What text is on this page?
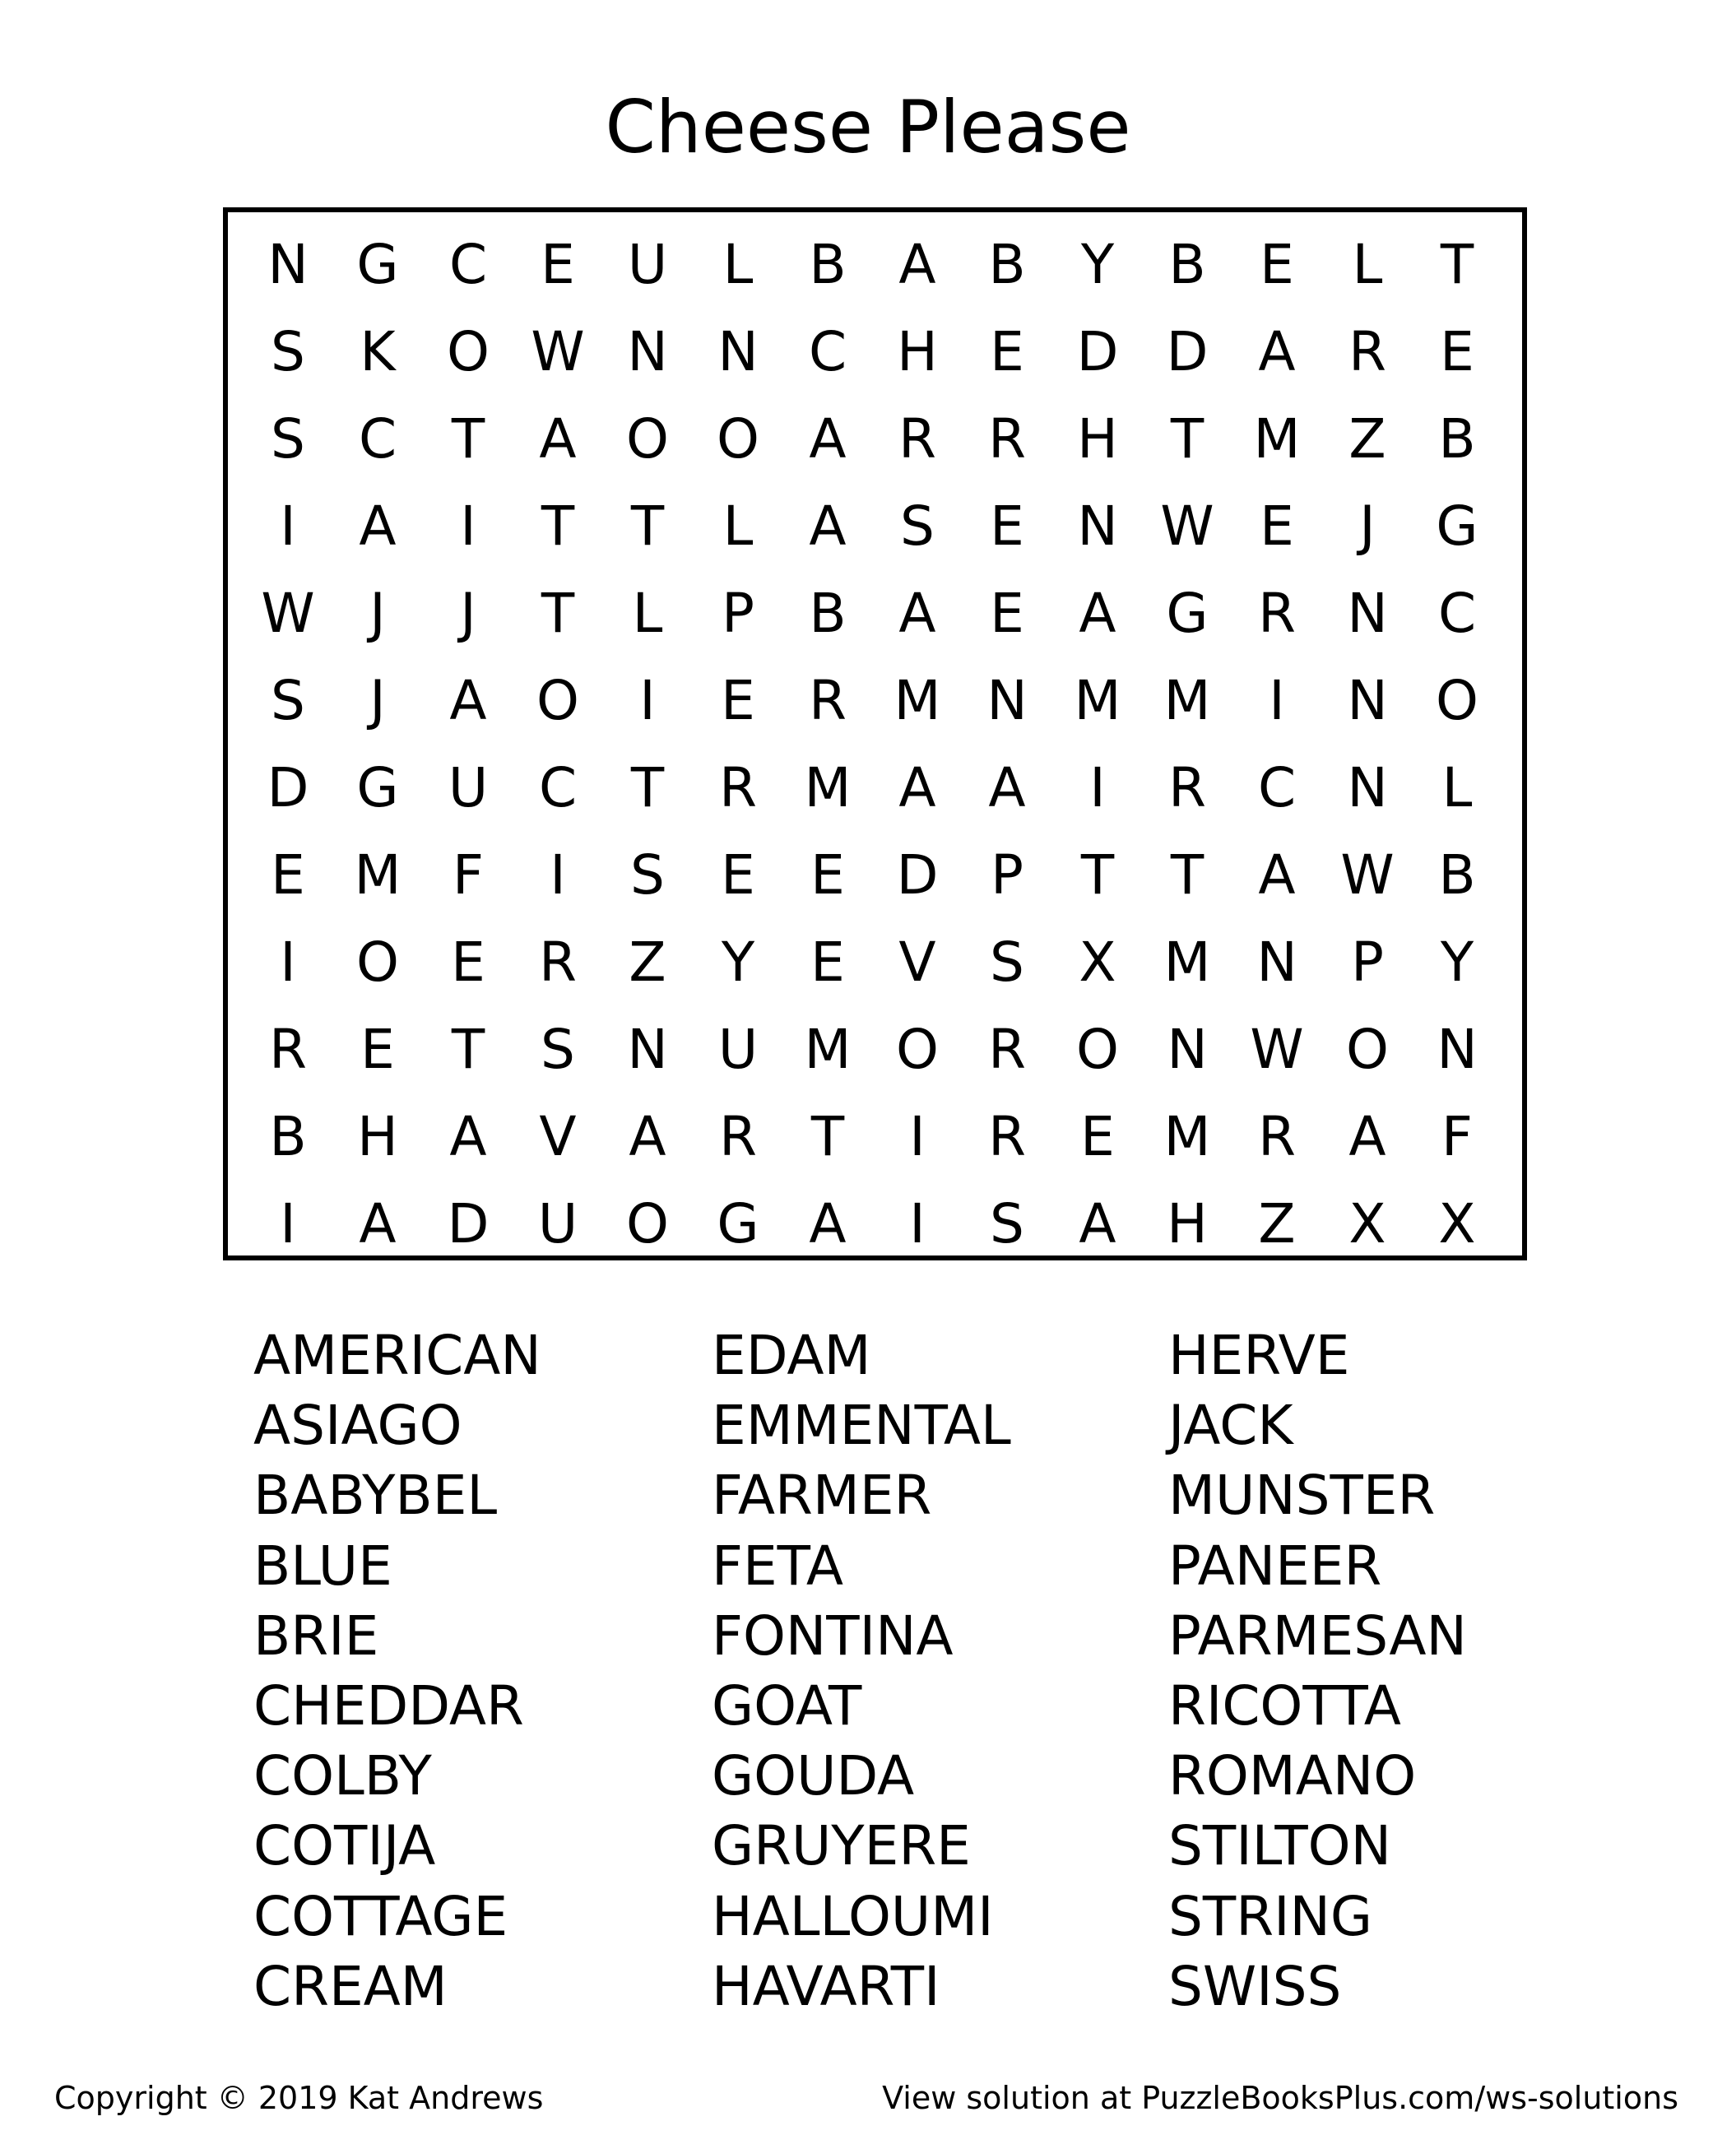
Cheese Please
N G C E U	L	B A B	Y	B E	L	T
S	K O W N N C H E D D A R E
S C	T	A O O A R R H T M Z B
I	A	I	T	T	L	A S	E N W E	J	G
W	J	J	T	L	P	B A E	A G R N C
S	J	A O	I	E R M N M M	I	N O
D G U C T	R M A A	I	R C N L
E M F	I	S	E	E D P	T	T	A W B
I	O E R Z	Y	E V S	X M N P	Y
R E	T	S N U M O R O N W O N
B H A V A R T	I	R	E M R A	F
I	A D U O G A	I	S	A H Z X X
AMERICAN
ASIAGO
BABYBEL
BLUE
BRIE
CHEDDAR
COLBY
COTIJA
COTTAGE
CREAM
EDAM
EMMENTAL
FARMER
FETA
FONTINA
GOAT
GOUDA
GRUYERE
HALLOUMI
HAVARTI
HERVE
JACK
MUNSTER
PANEER
PARMESAN
RICOTTA
ROMANO
STILTON
STRING
SWISS
Copyright © 2019 Kat Andrews	View solution at PuzzleBooksPlus.com/ws-solutions
